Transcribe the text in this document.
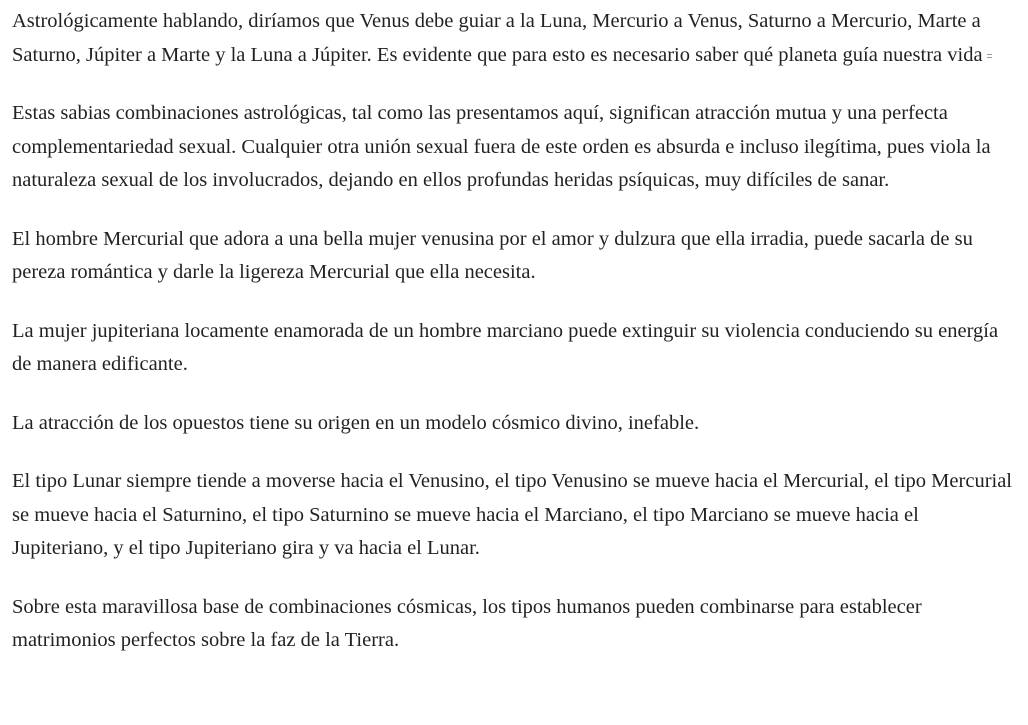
Astrológicamente hablando, diríamos que Venus debe guiar a la Luna, Mercurio a Venus, Saturno a Mercurio, Marte a Saturno, Júpiter a Marte y la Luna a Júpiter. Es evidente que para esto es necesario saber qué planeta guía nuestra vida

Estas sabias combinaciones astrológicas, tal como las presentamos aquí, significan atracción mutua y una perfecta complementariedad sexual. Cualquier otra unión sexual fuera de este orden es absurda e incluso ilegítima, pues viola la naturaleza sexual de los involucrados, dejando en ellos profundas heridas psíquicas, muy difíciles de sanar.

El hombre Mercurial que adora a una bella mujer venusina por el amor y dulzura que ella irradia, puede sacarla de su pereza romántica y darle la ligereza Mercurial que ella necesita.

La mujer jupiteriana locamente enamorada de un hombre marciano puede extinguir su violencia conduciendo su energía de manera edificante.

La atracción de los opuestos tiene su origen en un modelo cósmico divino, inefable.

El tipo Lunar siempre tiende a moverse hacia el Venusino, el tipo Venusino se mueve hacia el Mercurial, el tipo Mercurial se mueve hacia el Saturnino, el tipo Saturnino se mueve hacia el Marciano, el tipo Marciano se mueve hacia el Jupiteriano, y el tipo Jupiteriano gira y va hacia el Lunar.

Sobre esta maravillosa base de combinaciones cósmicas, los tipos humanos pueden combinarse para establecer matrimonios perfectos sobre la faz de la Tierra.
